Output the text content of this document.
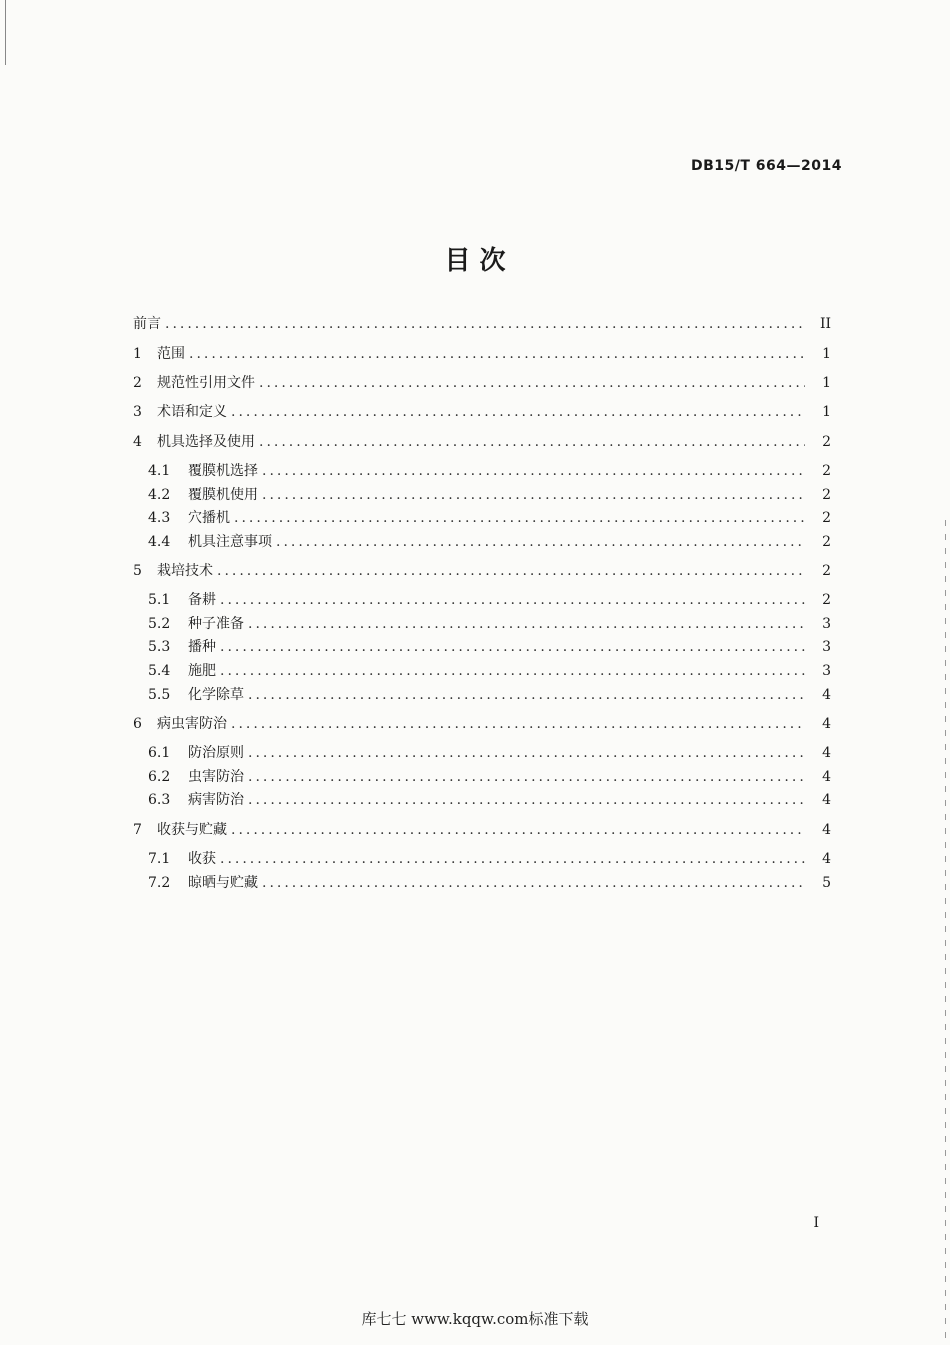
DB15/T 664—2014
目 次
前言 .....	II
1	范围 .....	1
2	规范性引用文件 .....	1
3	术语和定义 .....	1
4	机具选择及使用 .....	2
4.1	覆膜机选择 .....	2
4.2	覆膜机使用 .....	2
4.3	穴播机 .....	2
4.4	机具注意事项 .....	2
5	栽培技术 .....	2
5.1	备耕 .....	2
5.2	种子准备 .....	3
5.3	播种 .....	3
5.4	施肥 .....	3
5.5	化学除草 .....	4
6	病虫害防治 .....	4
6.1	防治原则 .....	4
6.2	虫害防治 .....	4
6.3	病害防治 .....	4
7	收获与贮藏 .....	4
7.1	收获 .....	4
7.2	晾晒与贮藏 .....	5
I
库七七 www.kqqw.com标准下载
